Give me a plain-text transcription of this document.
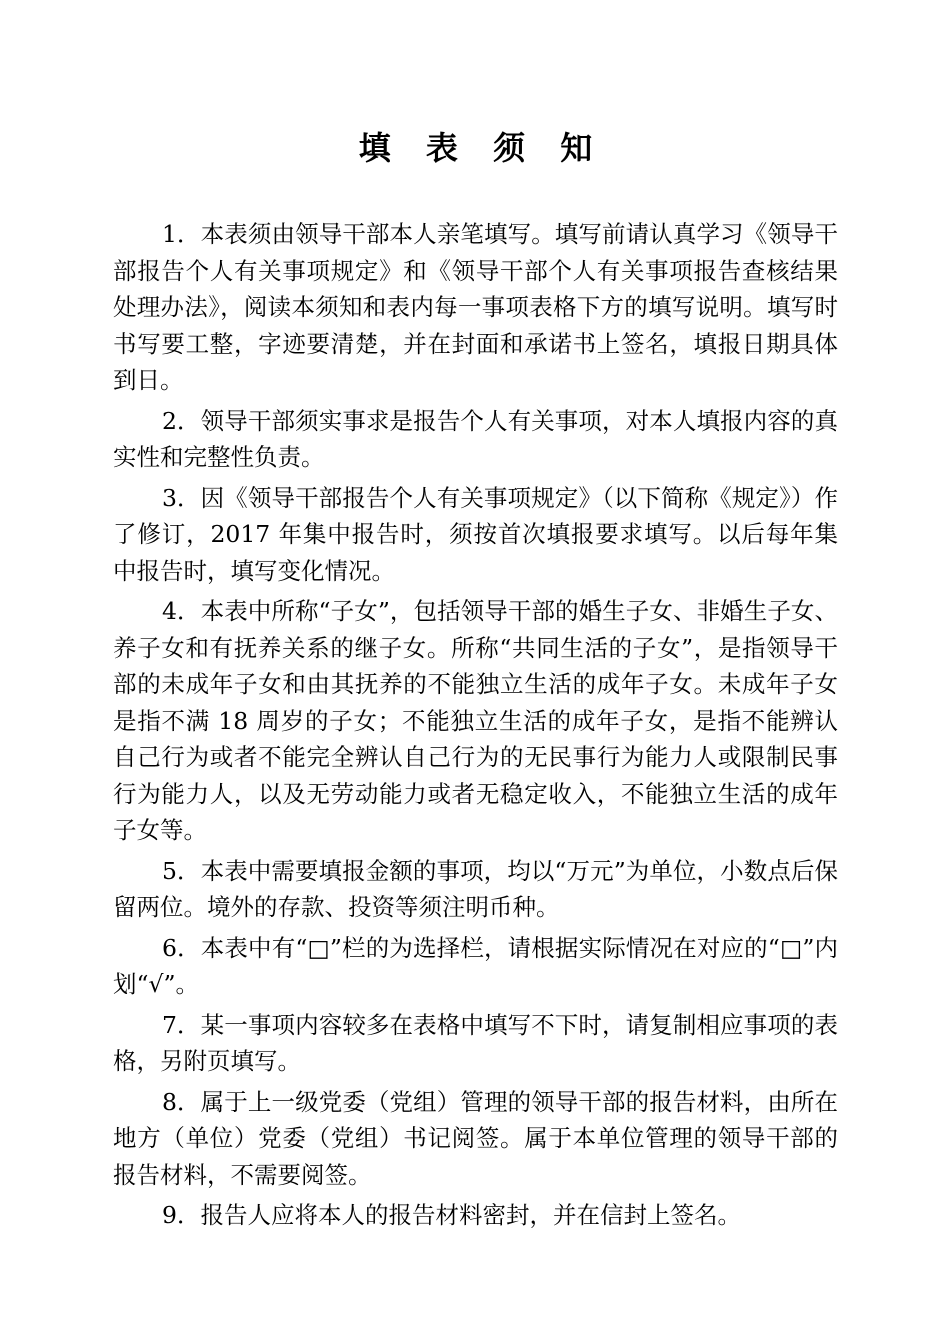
填 表 须 知

1．本表须由领导干部本人亲笔填写。填写前请认真学习《领导干部报告个人有关事项规定》和《领导干部个人有关事项报告查核结果处理办法》，阅读本须知和表内每一事项表格下方的填写说明。填写时书写要工整，字迹要清楚，并在封面和承诺书上签名，填报日期具体到日。

2．领导干部须实事求是报告个人有关事项，对本人填报内容的真实性和完整性负责。

3．因《领导干部报告个人有关事项规定》（以下简称《规定》）作了修订，2017 年集中报告时，须按首次填报要求填写。以后每年集中报告时，填写变化情况。

4．本表中所称“子女”，包括领导干部的婚生子女、非婚生子女、养子女和有抚养关系的继子女。所称“共同生活的子女”，是指领导干部的未成年子女和由其抚养的不能独立生活的成年子女。未成年子女是指不满 18 周岁的子女；不能独立生活的成年子女，是指不能辨认自己行为或者不能完全辨认自己行为的无民事行为能力人或限制民事行为能力人，以及无劳动能力或者无稳定收入，不能独立生活的成年子女等。

5．本表中需要填报金额的事项，均以“万元”为单位，小数点后保留两位。境外的存款、投资等须注明币种。

6．本表中有“□”栏的为选择栏，请根据实际情况在对应的“□”内划“√”。

7．某一事项内容较多在表格中填写不下时，请复制相应事项的表格，另附页填写。

8．属于上一级党委（党组）管理的领导干部的报告材料，由所在地方（单位）党委（党组）书记阅签。属于本单位管理的领导干部的报告材料，不需要阅签。

9．报告人应将本人的报告材料密封，并在信封上签名。
